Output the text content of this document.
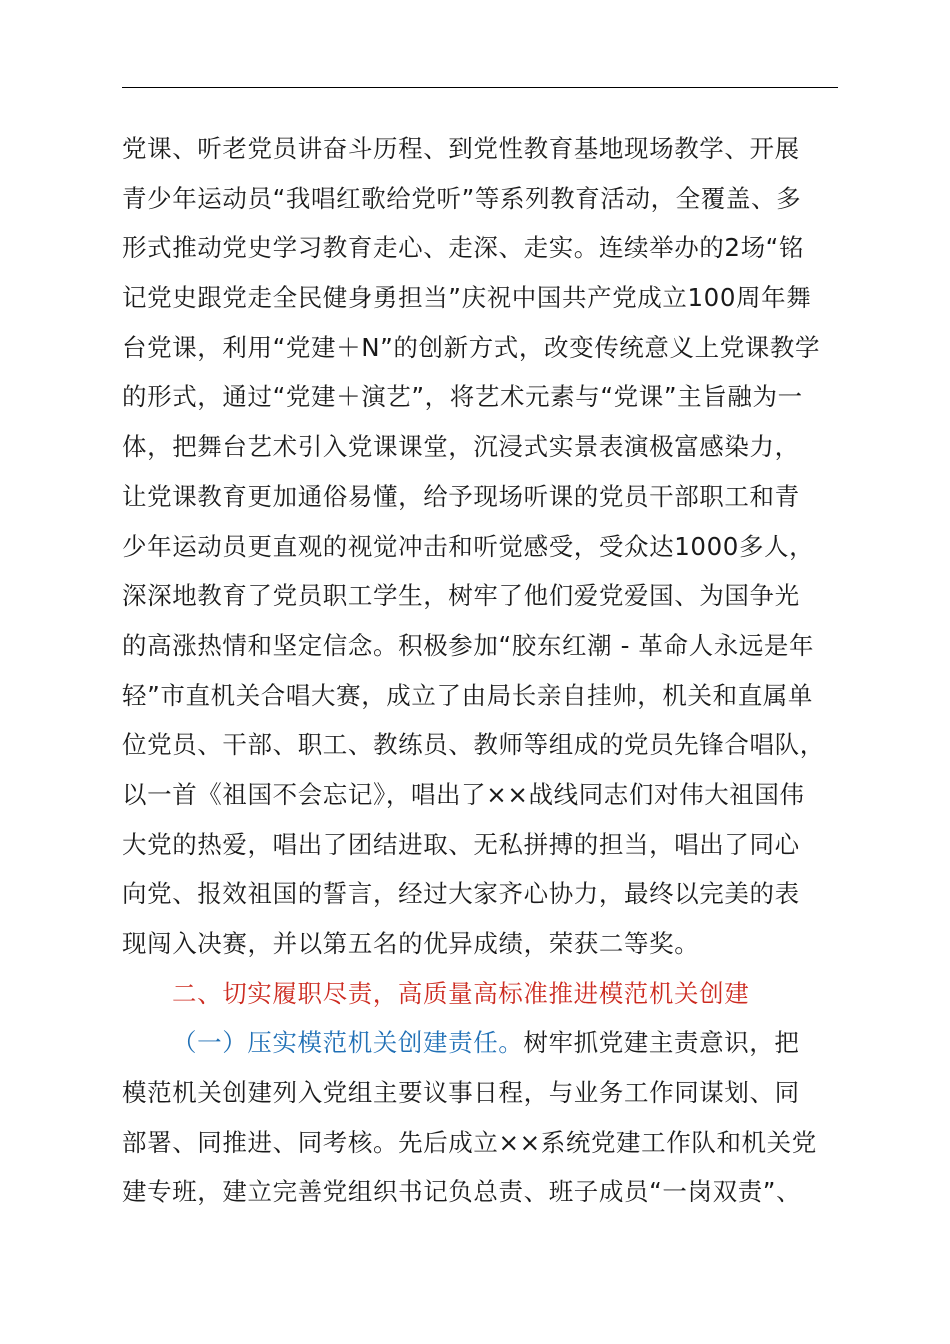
党课、听老党员讲奋斗历程、到党性教育基地现场教学、开展
青少年运动员“我唱红歌给党听”等系列教育活动，全覆盖、多
形式推动党史学习教育走心、走深、走实。连续举办的2场“铭
记党史跟党走全民健身勇担当”庆祝中国共产党成立100周年舞
台党课，利用“党建＋N”的创新方式，改变传统意义上党课教学
的形式，通过“党建＋演艺”，将艺术元素与“党课”主旨融为一
体，把舞台艺术引入党课课堂，沉浸式实景表演极富感染力，
让党课教育更加通俗易懂，给予现场听课的党员干部职工和青
少年运动员更直观的视觉冲击和听觉感受，受众达1000多人，
深深地教育了党员职工学生，树牢了他们爱党爱国、为国争光
的高涨热情和坚定信念。积极参加“胶东红潮 - 革命人永远是年
轻”市直机关合唱大赛，成立了由局长亲自挂帅，机关和直属单
位党员、干部、职工、教练员、教师等组成的党员先锋合唱队，
以一首《祖国不会忘记》，唱出了××战线同志们对伟大祖国伟
大党的热爱，唱出了团结进取、无私拼搏的担当，唱出了同心
向党、报效祖国的誓言，经过大家齐心协力，最终以完美的表
现闯入决赛，并以第五名的优异成绩，荣获二等奖。
二、切实履职尽责，高质量高标准推进模范机关创建
（一）压实模范机关创建责任。树牢抓党建主责意识，把
模范机关创建列入党组主要议事日程，与业务工作同谋划、同
部署、同推进、同考核。先后成立××系统党建工作队和机关党
建专班，建立完善党组织书记负总责、班子成员“一岗双责”、
